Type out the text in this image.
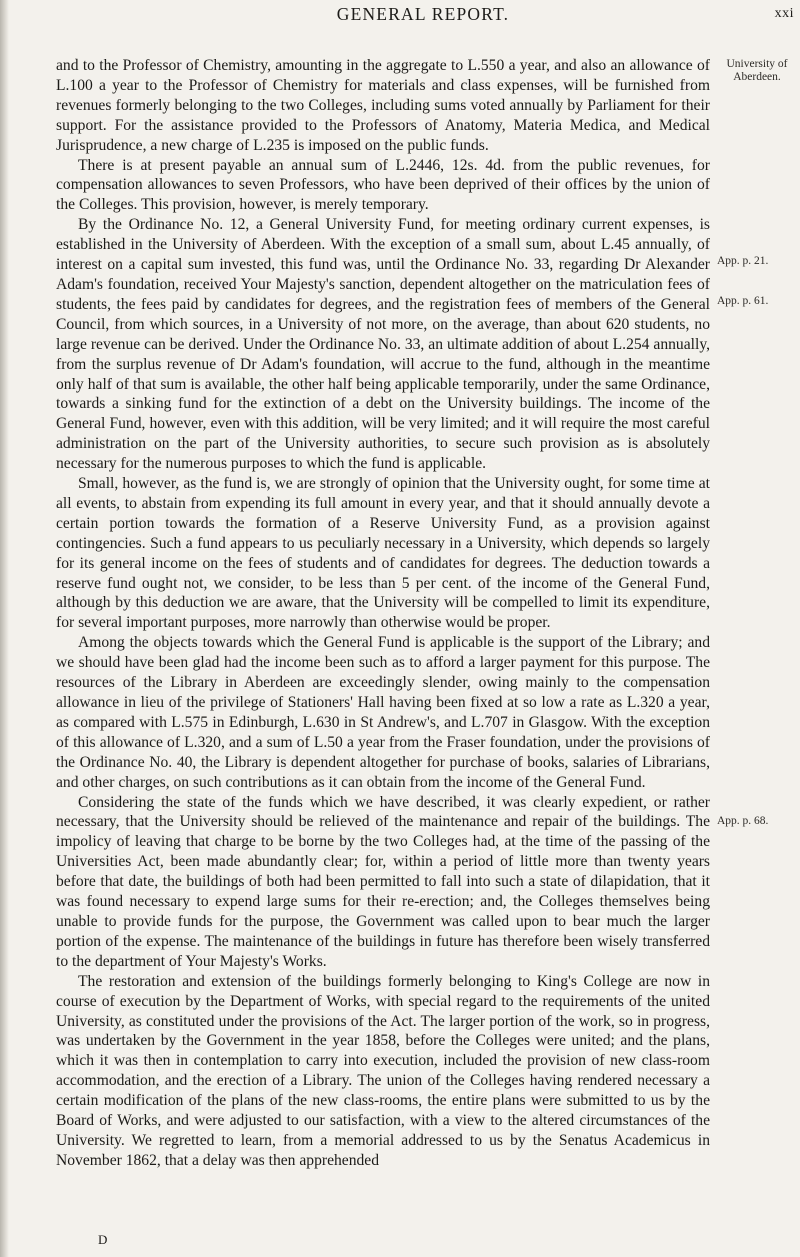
GENERAL REPORT.	xxi

and to the Professor of Chemistry, amounting in the aggregate to L.550 a year, and also an allowance of L.100 a year to the Professor of Chemistry for materials and class expenses, will be furnished from revenues formerly belonging to the two Colleges, including sums voted annually by Parliament for their support. For the assistance provided to the Professors of Anatomy, Materia Medica, and Medical Jurisprudence, a new charge of L.235 is imposed on the public funds.

There is at present payable an annual sum of L.2446, 12s. 4d. from the public revenues, for compensation allowances to seven Professors, who have been deprived of their offices by the union of the Colleges. This provision, however, is merely temporary.

By the Ordinance No. 12, a General University Fund, for meeting ordinary current expenses, is established in the University of Aberdeen. With the exception of a small sum, about L.45 annually, of interest on a capital sum invested, this fund was, until the Ordinance No. 33, regarding Dr Alexander Adam's foundation, received Your Majesty's sanction, dependent altogether on the matriculation fees of students, the fees paid by candidates for degrees, and the registration fees of members of the General Council, from which sources, in a University of not more, on the average, than about 620 students, no large revenue can be derived. Under the Ordinance No. 33, an ultimate addition of about L.254 annually, from the surplus revenue of Dr Adam's foundation, will accrue to the fund, although in the meantime only half of that sum is available, the other half being applicable temporarily, under the same Ordinance, towards a sinking fund for the extinction of a debt on the University buildings. The income of the General Fund, however, even with this addition, will be very limited; and it will require the most careful administration on the part of the University authorities, to secure such provision as is absolutely necessary for the numerous purposes to which the fund is applicable.

Small, however, as the fund is, we are strongly of opinion that the University ought, for some time at all events, to abstain from expending its full amount in every year, and that it should annually devote a certain portion towards the formation of a Reserve University Fund, as a provision against contingencies. Such a fund appears to us peculiarly necessary in a University, which depends so largely for its general income on the fees of students and of candidates for degrees. The deduction towards a reserve fund ought not, we consider, to be less than 5 per cent. of the income of the General Fund, although by this deduction we are aware, that the University will be compelled to limit its expenditure, for several important purposes, more narrowly than otherwise would be proper.

Among the objects towards which the General Fund is applicable is the support of the Library; and we should have been glad had the income been such as to afford a larger payment for this purpose. The resources of the Library in Aberdeen are exceedingly slender, owing mainly to the compensation allowance in lieu of the privilege of Stationers' Hall having been fixed at so low a rate as L.320 a year, as compared with L.575 in Edinburgh, L.630 in St Andrew's, and L.707 in Glasgow. With the exception of this allowance of L.320, and a sum of L.50 a year from the Fraser foundation, under the provisions of the Ordinance No. 40, the Library is dependent altogether for purchase of books, salaries of Librarians, and other charges, on such contributions as it can obtain from the income of the General Fund.

Considering the state of the funds which we have described, it was clearly expedient, or rather necessary, that the University should be relieved of the maintenance and repair of the buildings. The impolicy of leaving that charge to be borne by the two Colleges had, at the time of the passing of the Universities Act, been made abundantly clear; for, within a period of little more than twenty years before that date, the buildings of both had been permitted to fall into such a state of dilapidation, that it was found necessary to expend large sums for their re-erection; and, the Colleges themselves being unable to provide funds for the purpose, the Government was called upon to bear much the larger portion of the expense. The maintenance of the buildings in future has therefore been wisely transferred to the department of Your Majesty's Works.

The restoration and extension of the buildings formerly belonging to King's College are now in course of execution by the Department of Works, with special regard to the requirements of the united University, as constituted under the provisions of the Act. The larger portion of the work, so in progress, was undertaken by the Government in the year 1858, before the Colleges were united; and the plans, which it was then in contemplation to carry into execution, included the provision of new class-room accommodation, and the erection of a Library. The union of the Colleges having rendered necessary a certain modification of the plans of the new class-rooms, the entire plans were submitted to us by the Board of Works, and were adjusted to our satisfaction, with a view to the altered circumstances of the University. We regretted to learn, from a memorial addressed to us by the Senatus Academicus in November 1862, that a delay was then apprehended

University of Aberdeen.
App. p. 21.
App. p. 61.
App. p. 68.
D
